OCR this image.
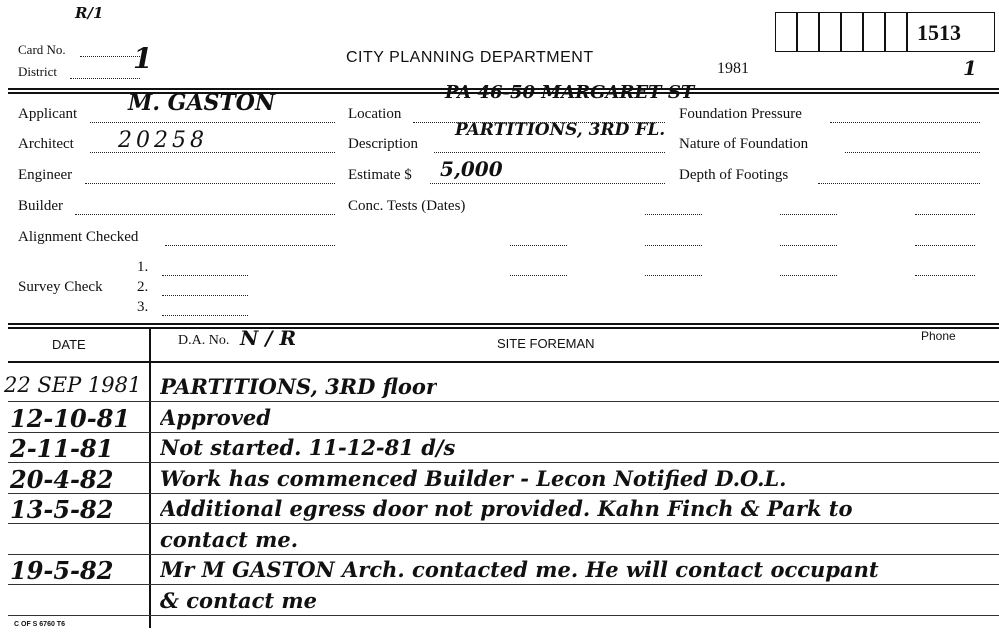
R/1
Card No. 1
District
CITY PLANNING DEPARTMENT
1981	1
1513
Applicant M. GASTON
Architect 20258
Engineer
Builder
Alignment Checked
Survey Check
1.
2.
3.
Location
PA 46-50 MARGARET ST
Description
PARTITIONS, 3RD FL.
Estimate $ 5,000
Conc. Tests (Dates)
Foundation Pressure
Nature of Foundation
Depth of Footings
DATE	D.A. No. N / R	SITE FOREMAN	Phone
22 SEP 1981 PARTITIONS, 3RD floor
12-10-81 Approved
2-11-81 Not started. 11-12-81 d/s
20-4-82 Work has commenced Builder - Lecon Notified D.O.L.
13-5-82 Additional egress door not provided. Kahn Finch & Park to
contact me.
19-5-82 Mr M GASTON Arch. contacted me. He will contact occupant
& contact me
C OF S 6760 T6
